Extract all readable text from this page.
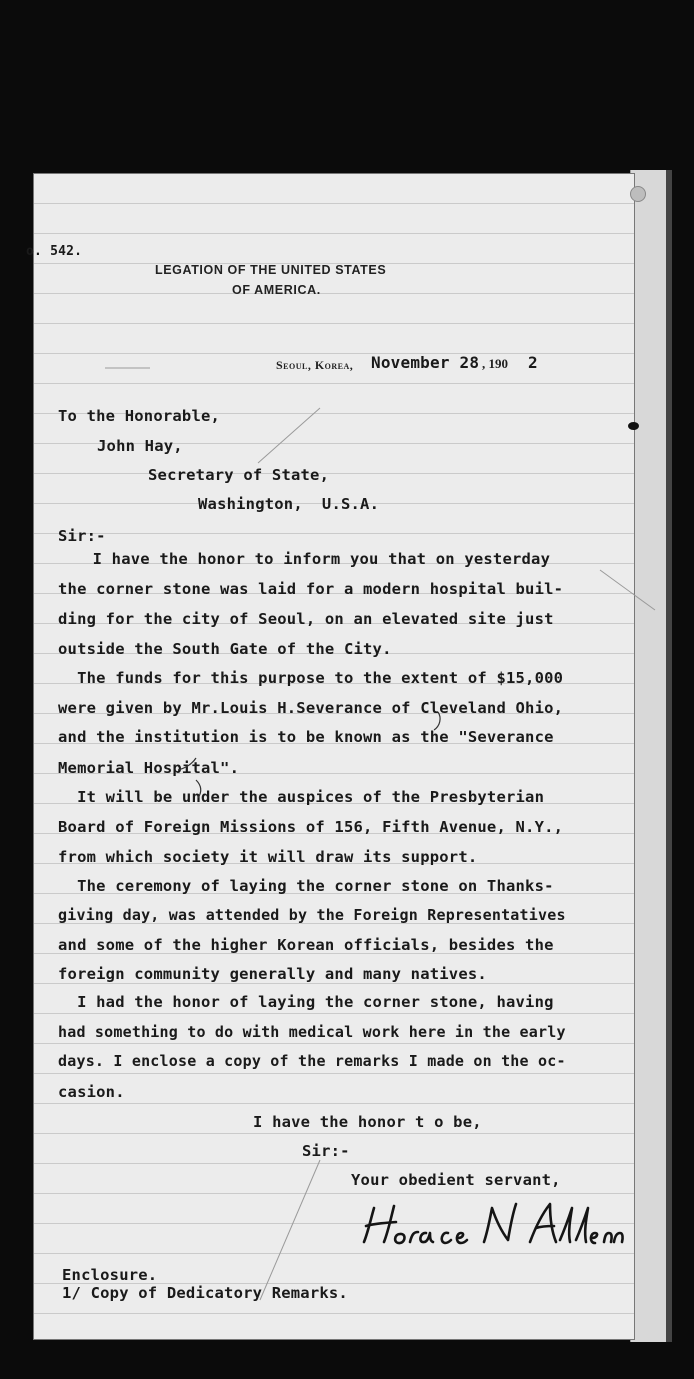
o. 542.
LEGATION OF THE UNITED STATES
OF AMERICA.
Seoul, Korea, November 28 , 190 2
To the Honorable,
John Hay,
Secretary of State,
Washington,  U.S.A.
Sir:-
I have the honor to inform you that on yesterday
the corner stone was laid for a modern hospital buil-
ding for the city of Seoul, on an elevated site just
outside the South Gate of the City.
The funds for this purpose to the extent of $15,000
were given by Mr.Louis H.Severance of Cleveland Ohio,
and the institution is to be known as the "Severance
Memorial Hospital".
It will be under the auspices of the Presbyterian
Board of Foreign Missions of 156, Fifth Avenue, N.Y.,
from which society it will draw its support.
The ceremony of laying the corner stone on Thanks-
giving day, was attended by the Foreign Representatives
and some of the higher Korean officials, besides the
foreign community generally and many natives.
I had the honor of laying the corner stone, having
had something to do with medical work here in the early
days. I enclose a copy of the remarks I made on the oc-
casion.
I have the honor t o be,
Sir:-
Your obedient servant,
Enclosure.
1/ Copy of Dedicatory Remarks.
